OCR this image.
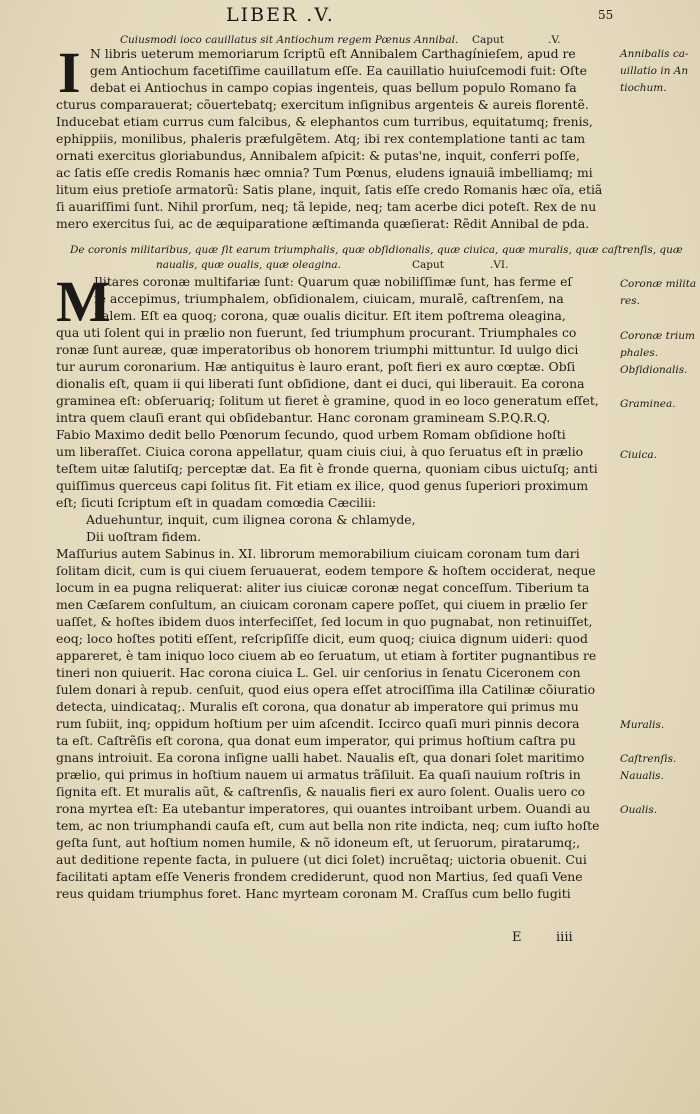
LIBER .V.	55
Cuiusmodi ioco cauillatus sit Antiochum regem Pœnus Annibal. Caput	.V.
I N libris ueterum memoriarum ſcriptũ eſt Annibalem Carthagínieſem, apud re
gem Antiochum facetiſſime cauillatum eſſe. Ea cauillatio huiuſcemodi fuit: Oſte
debat ei Antiochus in campo copias ingenteis, quas bellum populo Romano fa
cturus comparauerat; cõuertebatq; exercitum inſignibus argenteis & aureis florentẽ.
Inducebat etiam currus cum falcibus, & elephantos cum turribus, equitatumq; frenis,
ephippiis, monilibus, phaleris præfulgẽtem. Atq; ibi rex contemplatione tanti ac tam
ornati exercitus gloriabundus, Annibalem aſpicit: & putas'ne, inquit, conferri poſſe,
ac ſatis eſſe credis Romanis hæc omnia? Tum Pœnus, eludens ignauiã imbelliamq; mi
litum eius pretioſe armatorũ: Satis plane, inquit, ſatis eſſe credo Romanis hæc oĩa, etiã
ſi auariſſimi ſunt. Nihil prorſum, neq; tã lepide, neq; tam acerbe dici poteſt. Rex de nu
mero exercitus ſui, ac de æquiparatione æſtimanda quæſierat: Rẽdit Annibal de pda.
De coronis militaribus, quæ ſit earum triumphalis, quæ obſidionalis, quæ ciuica, quæ muralis, quæ caſtrenſis, quæ
naualis, quæ oualis, quæ oleagina.	Caput	.VI.
M
Ilitares coronæ multifariæ ſunt: Quarum quæ nobiliſſimæ ſunt, has ferme eſ
ſe accepimus, triumphalem, obſidionalem, ciuicam, muralẽ, caſtrenſem, na
ualem. Eſt ea quoq; corona, quæ oualis dicitur. Eſt item poſtrema oleagina,
qua uti ſolent qui in prælio non fuerunt, ſed triumphum procurant. Triumphales co
ronæ ſunt aureæ, quæ imperatoribus ob honorem triumphi mittuntur. Id uulgo dici
tur aurum coronarium. Hæ antiquitus è lauro erant, poſt fieri ex auro cœptæ. Obſi
dionalis eſt, quam ii qui liberati ſunt obſidione, dant ei duci, qui liberauit. Ea corona
graminea eſt: obſeruariq; ſolitum ut fieret è gramine, quod in eo loco generatum eſſet,
intra quem clauſi erant qui obſidebantur. Hanc coronam gramineam S.P.Q.R.Q.
Fabio Maximo dedit bello Pœnorum ſecundo, quod urbem Romam obſidione hoſti
um liberaſſet. Ciuica corona appellatur, quam ciuis ciui, à quo ſeruatus eſt in prælio
teſtem uitæ ſalutiſq; perceptæ dat. Ea fit è fronde querna, quoniam cibus uictuſq; anti
quiſſimus querceus capi ſolitus ſit. Fit etiam ex ilice, quod genus ſuperiori proximum
eſt; ſicuti ſcriptum eſt in quadam comœdia Cæcilii:
Aduehuntur, inquit, cum ilignea corona & chlamyde,
Dii uoſtram fidem.
Maſſurius autem Sabinus in. XI. librorum memorabilium ciuicam coronam tum dari
ſolitam dicit, cum is qui ciuem ſeruauerat, eodem tempore & hoſtem occiderat, neque
locum in ea pugna reliquerat: aliter ius ciuicæ coronæ negat conceſſum. Tiberium ta
men Cæſarem conſultum, an ciuicam coronam capere poſſet, qui ciuem in prælio ſer
uaſſet, & hoſtes ibidem duos interfeciſſet, ſed locum in quo pugnabat, non retinuiſſet,
eoq; loco hoſtes potiti eſſent, reſcripſiſſe dicit, eum quoq; ciuica dignum uideri: quod
appareret, è tam iniquo loco ciuem ab eo ſeruatum, ut etiam à fortiter pugnantibus re
tineri non quiuerit. Hac corona ciuica L. Gel. uir cenſorius in ſenatu Ciceronem con
ſulem donari à repub. cenſuit, quod eius opera eſſet atrociſſima illa Catilinæ cõiuratio
detecta, uindicataq;. Muralis eſt corona, qua donatur ab imperatore qui primus mu
rum ſubiit, inq; oppidum hoſtium per uim aſcendit. Iccirco quaſi muri pinnis decora
ta eſt. Caſtrẽſis eſt corona, qua donat eum imperator, qui primus hoſtium caſtra pu
gnans introiuit. Ea corona inſigne ualli habet. Naualis eſt, qua donari ſolet maritimo
prælio, qui primus in hoſtium nauem ui armatus trãſiluit. Ea quaſi nauium roſtris in
ſignita eſt. Et muralis aũt, & caſtrenſis, & naualis fieri ex auro ſolent. Oualis uero co
rona myrtea eſt: Ea utebantur imperatores, qui ouantes introibant urbem. Ouandi au
tem, ac non triumphandi cauſa eſt, cum aut bella non rite indicta, neq; cum iuſto hoſte
geſta ſunt, aut hoſtium nomen humile, & nõ idoneum eſt, ut ſeruorum, piratarumq;,
aut deditione repente facta, in puluere (ut dici ſolet) incruẽtaq; uictoria obuenit. Cui
facilitati aptam eſſe Veneris frondem crediderunt, quod non Martius, ſed quaſi Vene
reus quidam triumphus foret. Hanc myrteam coronam M. Craſſus cum bello fugiti
Annibalis ca-
uillatio in An
tiochum.
Coronæ milita
res.
Coronæ trium
phales.
Obſidionalis.
Graminea.
Ciuica.
Muralis.
Caſtrenſis.
Naualis.
Oualis.
E	iiii
